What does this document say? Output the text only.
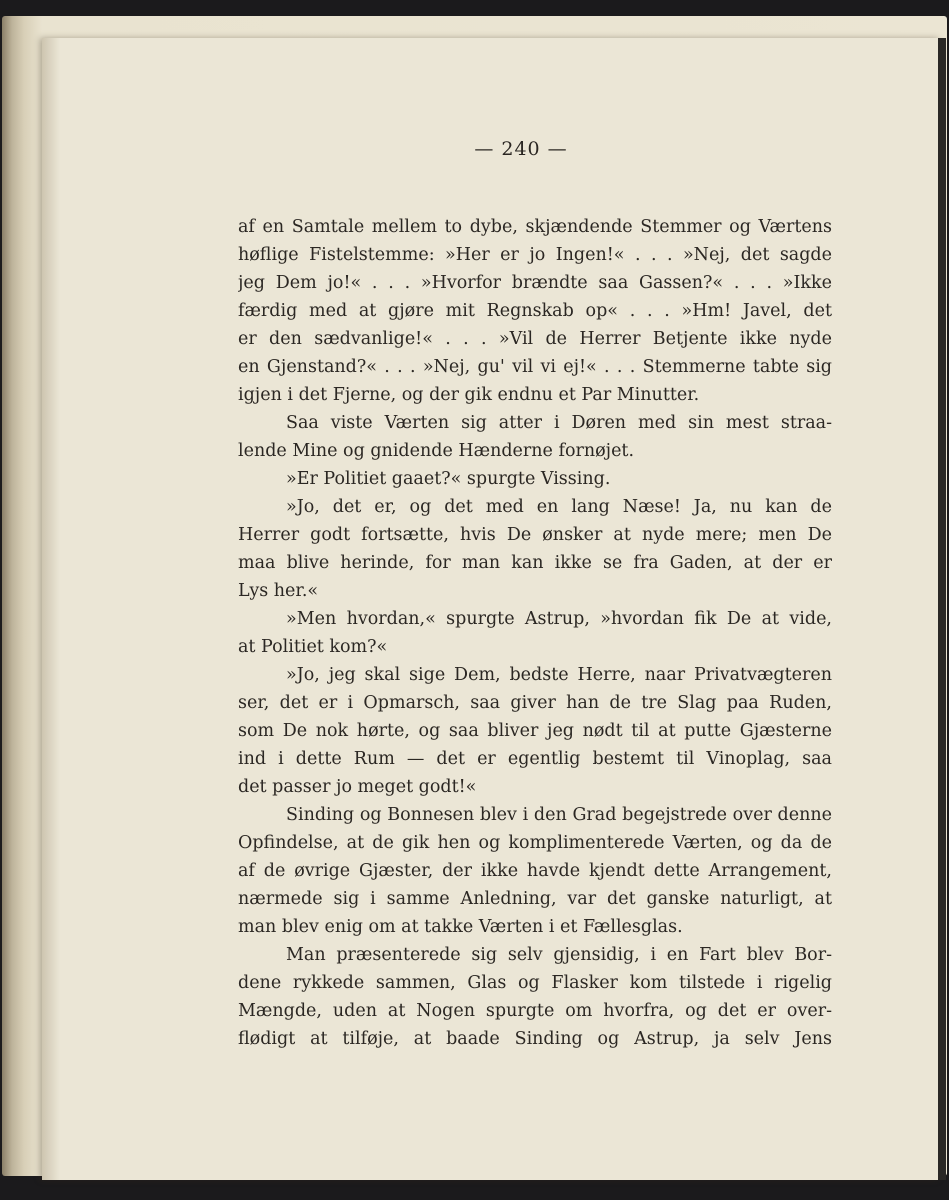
— 240 —
af en Samtale mellem to dybe, skjændende Stemmer og Værtens
høflige Fistelstemme: »Her er jo Ingen!« . . . »Nej, det sagde
jeg Dem jo!« . . . »Hvorfor brændte saa Gassen?« . . . »Ikke
færdig med at gjøre mit Regnskab op« . . . »Hm! Javel, det
er den sædvanlige!« . . . »Vil de Herrer Betjente ikke nyde
en Gjenstand?« . . . »Nej, gu' vil vi ej!« . . . Stemmerne tabte sig
igjen i det Fjerne, og der gik endnu et Par Minutter.
Saa viste Værten sig atter i Døren med sin mest straa-
lende Mine og gnidende Hænderne fornøjet.
»Er Politiet gaaet?« spurgte Vissing.
»Jo, det er, og det med en lang Næse! Ja, nu kan de
Herrer godt fortsætte, hvis De ønsker at nyde mere; men De
maa blive herinde, for man kan ikke se fra Gaden, at der er
Lys her.«
»Men hvordan,« spurgte Astrup, »hvordan fik De at vide,
at Politiet kom?«
»Jo, jeg skal sige Dem, bedste Herre, naar Privatvægteren
ser, det er i Opmarsch, saa giver han de tre Slag paa Ruden,
som De nok hørte, og saa bliver jeg nødt til at putte Gjæsterne
ind i dette Rum — det er egentlig bestemt til Vinoplag, saa
det passer jo meget godt!«
Sinding og Bonnesen blev i den Grad begejstrede over denne
Opfindelse, at de gik hen og komplimenterede Værten, og da de
af de øvrige Gjæster, der ikke havde kjendt dette Arrangement,
nærmede sig i samme Anledning, var det ganske naturligt, at
man blev enig om at takke Værten i et Fællesglas.
Man præsenterede sig selv gjensidig, i en Fart blev Bor-
dene rykkede sammen, Glas og Flasker kom tilstede i rigelig
Mængde, uden at Nogen spurgte om hvorfra, og det er over-
flødigt at tilføje, at baade Sinding og Astrup, ja selv Jens
